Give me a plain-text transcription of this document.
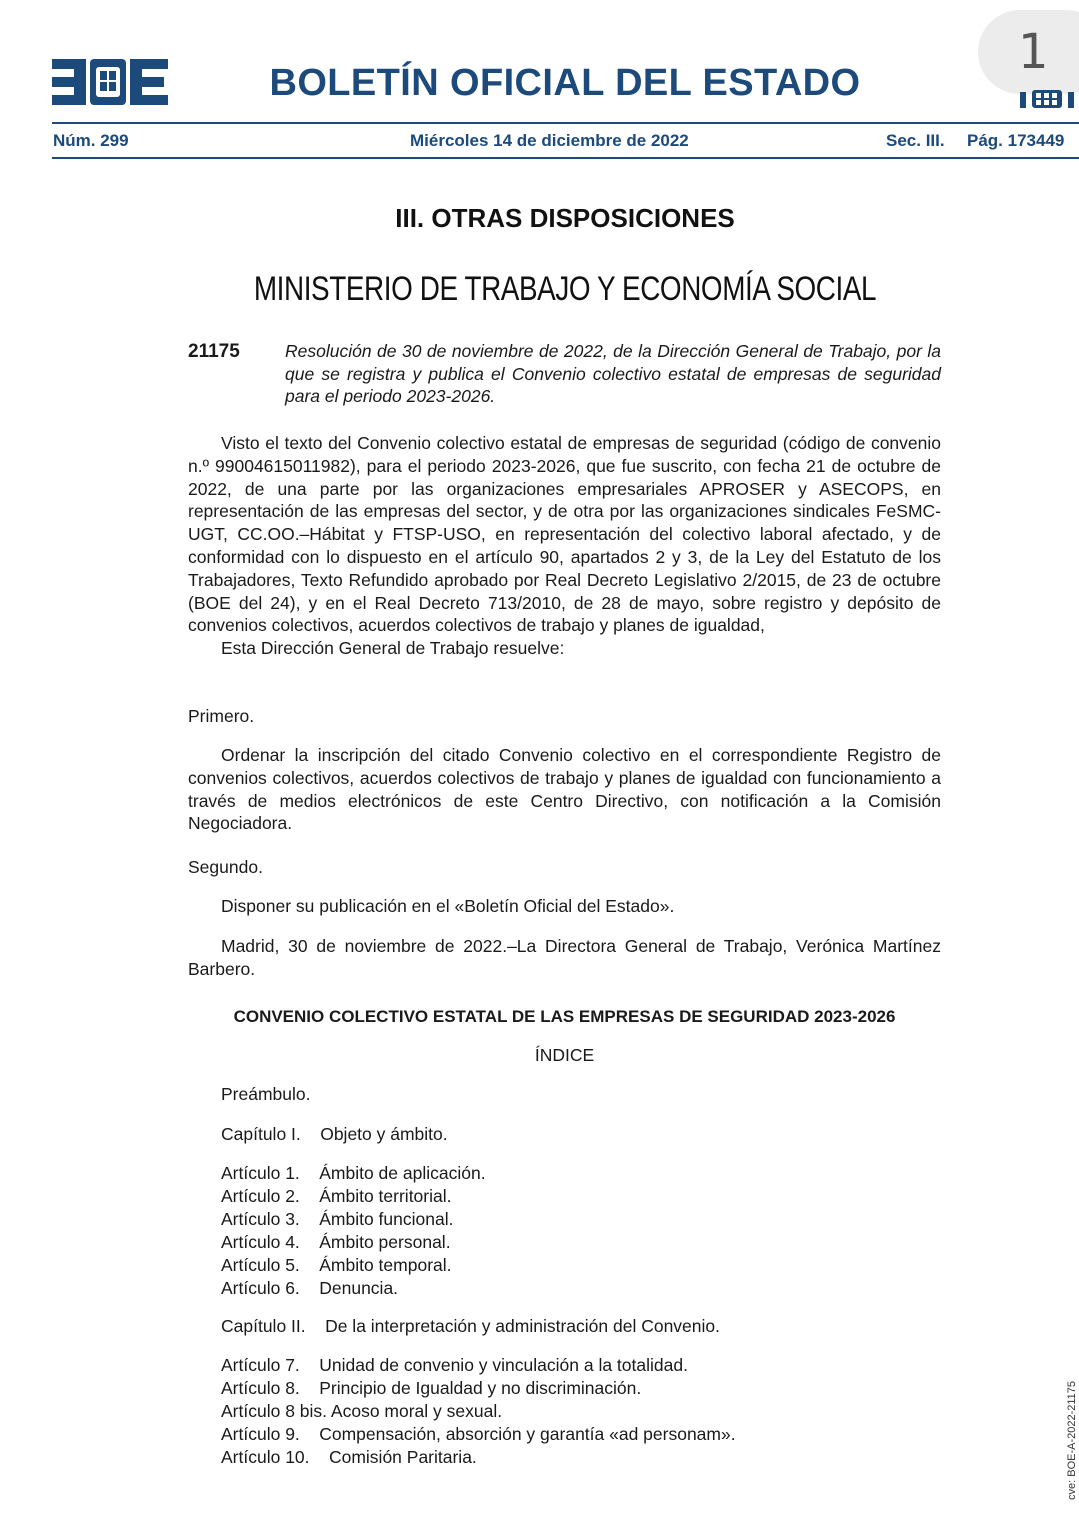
1
BOLETÍN OFICIAL DEL ESTADO
Núm. 299	Miércoles 14 de diciembre de 2022	Sec. III. Pág. 173449
III. OTRAS DISPOSICIONES
MINISTERIO DE TRABAJO Y ECONOMÍA SOCIAL
21175	Resolución de 30 de noviembre de 2022, de la Dirección General de Trabajo, por la que se registra y publica el Convenio colectivo estatal de empresas de seguridad para el periodo 2023-2026.

Visto el texto del Convenio colectivo estatal de empresas de seguridad (código de convenio n.º 99004615011982), para el periodo 2023-2026, que fue suscrito, con fecha 21 de octubre de 2022, de una parte por las organizaciones empresariales APROSER y ASECOPS, en representación de las empresas del sector, y de otra por las organizaciones sindicales FeSMC-UGT, CC.OO.–Hábitat y FTSP-USO, en representación del colectivo laboral afectado, y de conformidad con lo dispuesto en el artículo 90, apartados 2 y 3, de la Ley del Estatuto de los Trabajadores, Texto Refundido aprobado por Real Decreto Legislativo 2/2015, de 23 de octubre (BOE del 24), y en el Real Decreto 713/2010, de 28 de mayo, sobre registro y depósito de convenios colectivos, acuerdos colectivos de trabajo y planes de igualdad,

Esta Dirección General de Trabajo resuelve:

Primero.

Ordenar la inscripción del citado Convenio colectivo en el correspondiente Registro de convenios colectivos, acuerdos colectivos de trabajo y planes de igualdad con funcionamiento a través de medios electrónicos de este Centro Directivo, con notificación a la Comisión Negociadora.

Segundo.

Disponer su publicación en el «Boletín Oficial del Estado».

Madrid, 30 de noviembre de 2022.–La Directora General de Trabajo, Verónica Martínez Barbero.

CONVENIO COLECTIVO ESTATAL DE LAS EMPRESAS DE SEGURIDAD 2023-2026
ÍNDICE
Preámbulo.
Capítulo I.    Objeto y ámbito.
Artículo 1.    Ámbito de aplicación.
Artículo 2.    Ámbito territorial.
Artículo 3.    Ámbito funcional.
Artículo 4.    Ámbito personal.
Artículo 5.    Ámbito temporal.
Artículo 6.    Denuncia.
Capítulo II.    De la interpretación y administración del Convenio.
Artículo 7.    Unidad de convenio y vinculación a la totalidad.
Artículo 8.    Principio de Igualdad y no discriminación.
Artículo 8 bis. Acoso moral y sexual.
Artículo 9.    Compensación, absorción y garantía «ad personam».
Artículo 10.    Comisión Paritaria.	cve: BOE-A-2022-21175
